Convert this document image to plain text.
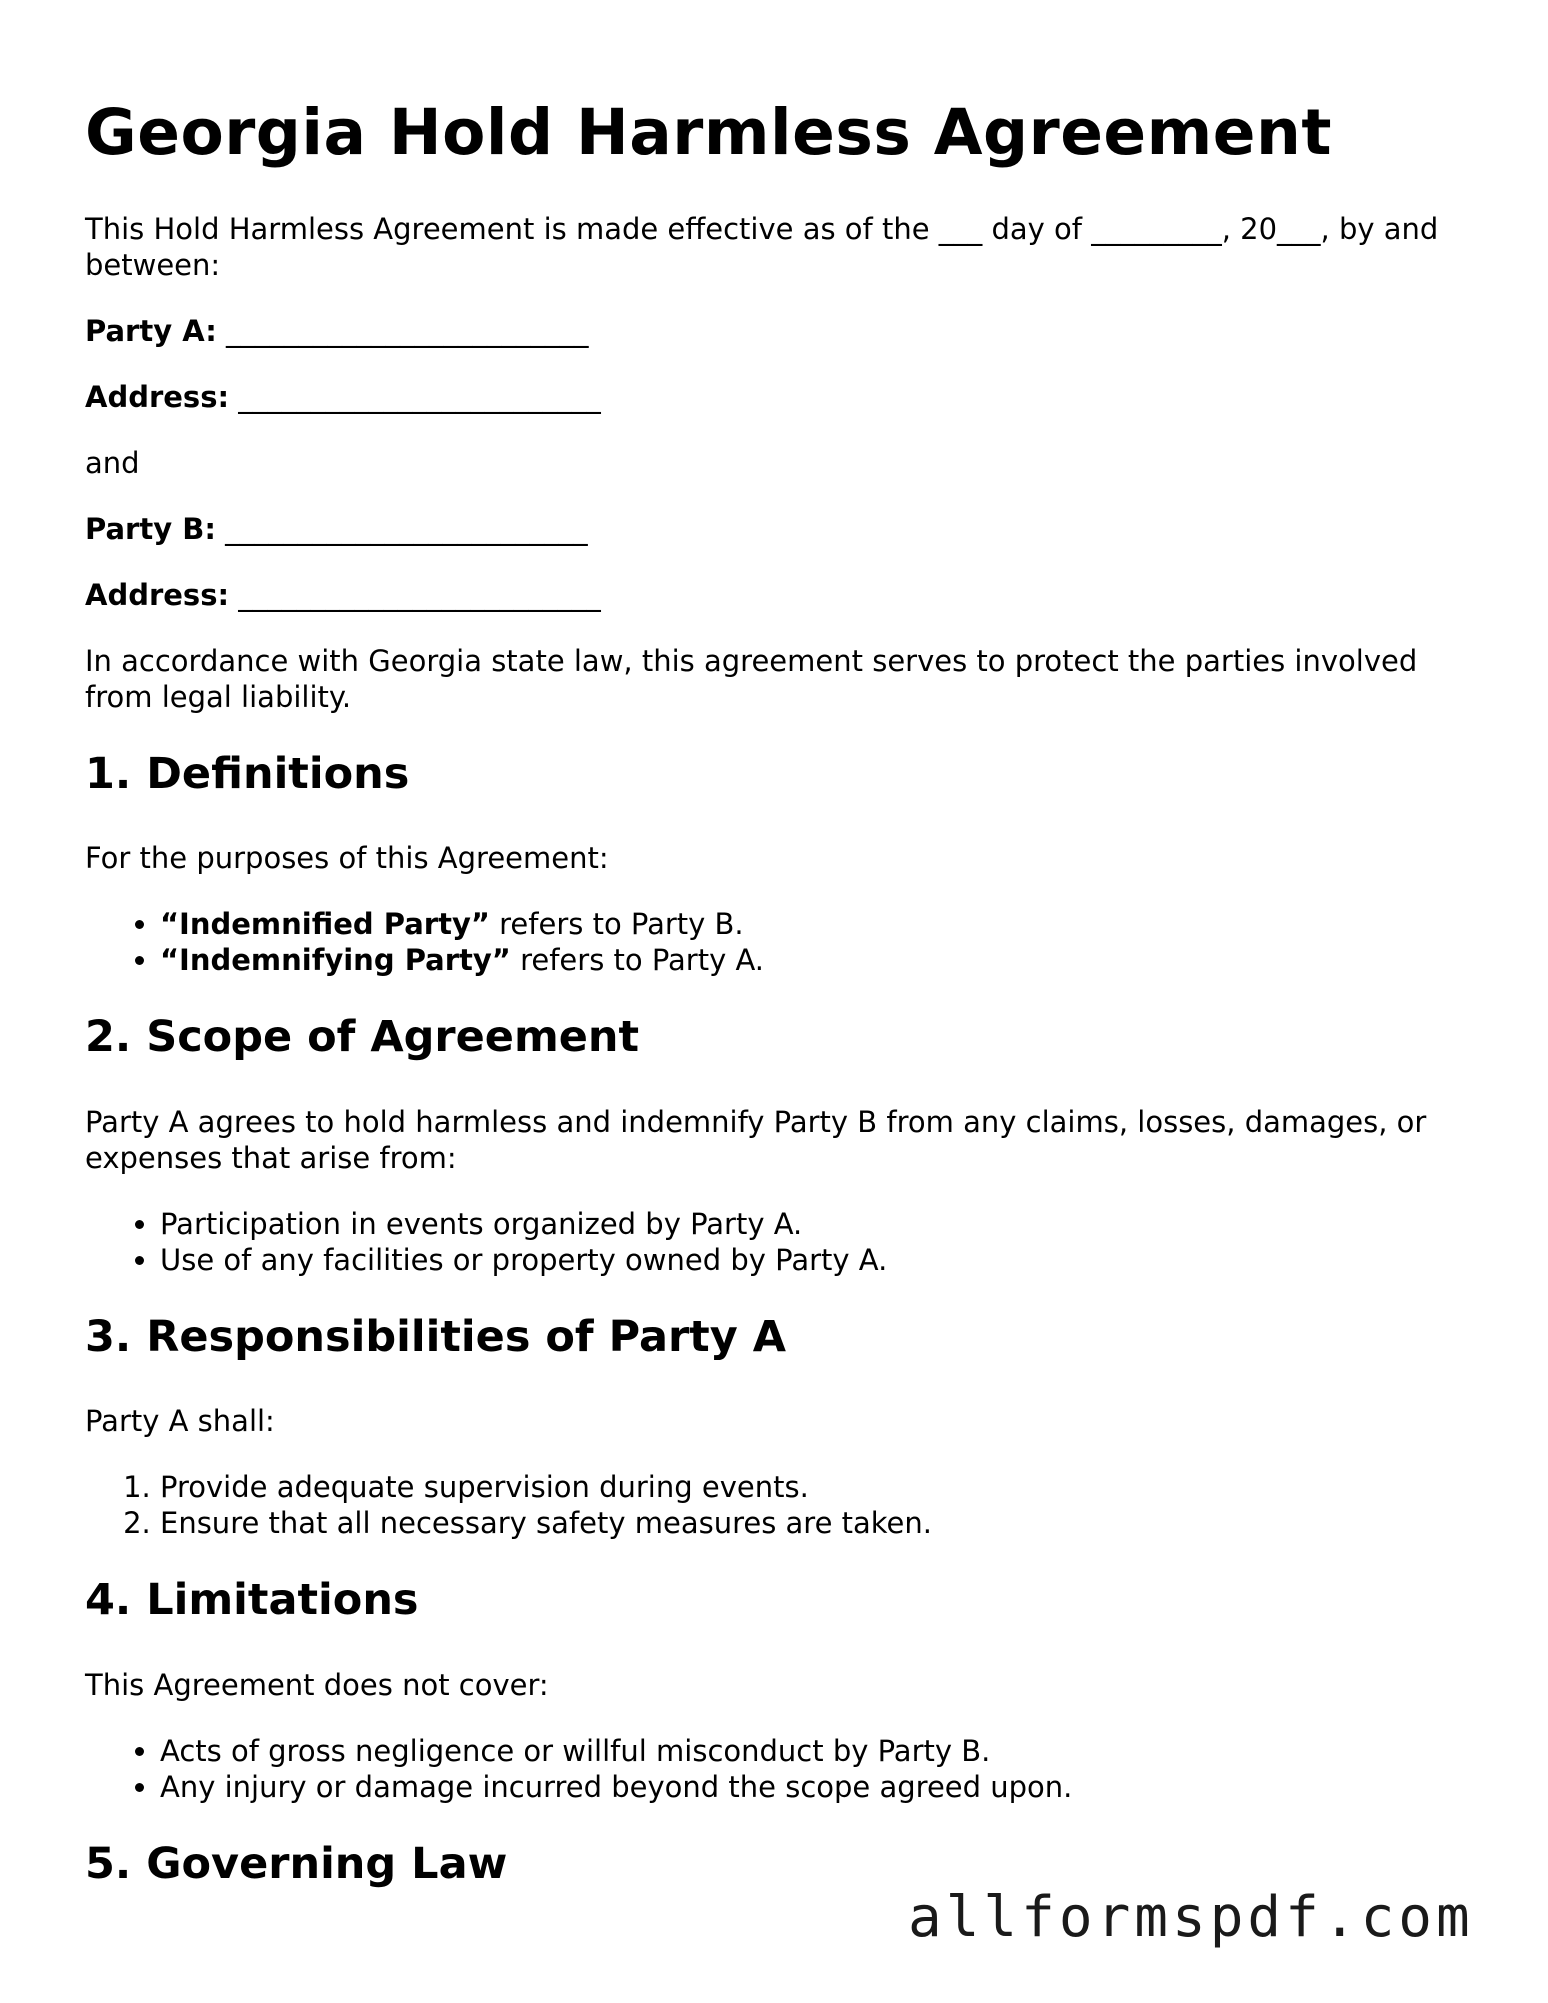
Georgia Hold Harmless Agreement

This Hold Harmless Agreement is made effective as of the ___ day of _________, 20___, by and between:

Party A: _________________________

Address: _________________________

and

Party B: _________________________

Address: _________________________

In accordance with Georgia state law, this agreement serves to protect the parties involved from legal liability.

1. Definitions

For the purposes of this Agreement:

• “Indemnified Party” refers to Party B.
• “Indemnifying Party” refers to Party A.
2. Scope of Agreement

Party A agrees to hold harmless and indemnify Party B from any claims, losses, damages, or expenses that arise from:

• Participation in events organized by Party A.
• Use of any facilities or property owned by Party A.
3. Responsibilities of Party A

Party A shall:

1. Provide adequate supervision during events.
2. Ensure that all necessary safety measures are taken.
4. Limitations

This Agreement does not cover:

• Acts of gross negligence or willful misconduct by Party B.
• Any injury or damage incurred beyond the scope agreed upon.
5. Governing Law
allformspdf.com
